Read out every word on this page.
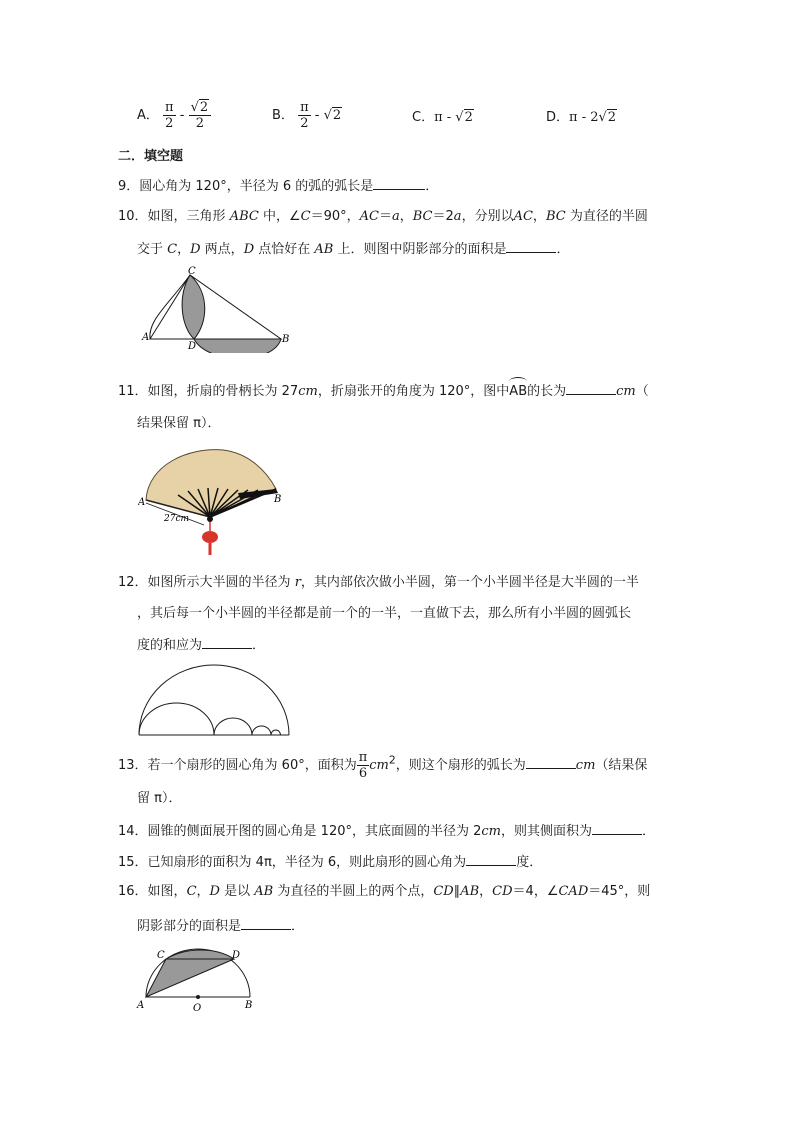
A． $\frac{\pi}{2} - \frac{√2}{2}$	B． $\frac{\pi}{2} - √2$	C．π - √2	D．π - 2√2
二．填空题
9．圆心角为 120°，半径为 6 的弧的弧长是	．
10．如图，三角形 ABC 中，∠C＝90°，AC＝a，BC＝2a，分别以AC，BC 为直径的半圆
交于 C，D 两点，D 点恰好在 AB 上．则图中阴影部分的面积是	．
C
A
D
B
11．如图，折扇的骨柄长为 27cm，折扇张开的角度为 120°，图中
AB的长为	cm（
结果保留 π）．
A	B
27cm
12．如图所示大半圆的半径为 r，其内部依次做小半圆，第一个小半圆半径是大半圆的一半
，其后每一个小半圆的半径都是前一个的一半，一直做下去，那么所有小半圆的圆弧长
度的和应为	．
13．若一个扇形的圆心角为 60°，面积为 $\frac{\pi}{6} cm^2$，则这个扇形的弧长为	cm（结果保
留 π）．
14．圆锥的侧面展开图的圆心角是 120°，其底面圆的半径为 2cm，则其侧面积为	．
15．已知扇形的面积为 4π，半径为 6，则此扇形的圆心角为	度．
16．如图，C，D 是以 AB 为直径的半圆上的两个点，CD∥AB，CD＝4，∠CAD＝45°，则
阴影部分的面积是	．
C	D
A	O	B
